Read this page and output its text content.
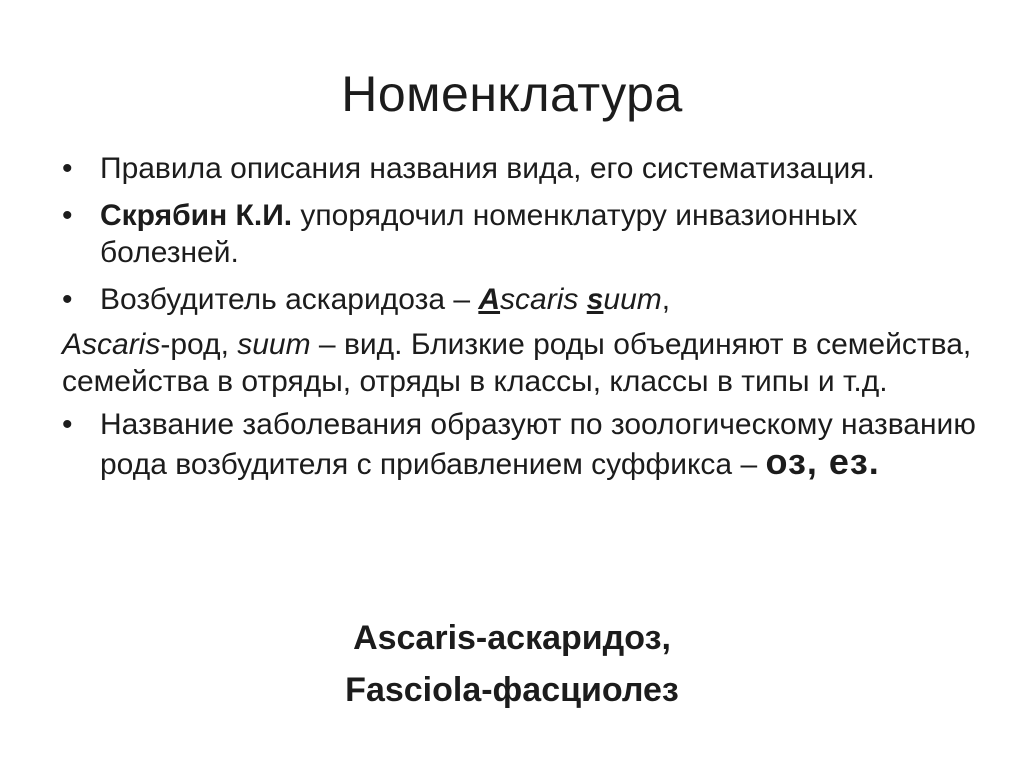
Номенклатура
• Правила описания названия вида, его систематизация.
• Скрябин К.И. упорядочил номенклатуру инвазионных болезней.
• Возбудитель аскаридоза – Ascaris suum,
Ascaris-род, suum – вид. Близкие роды объединяют в семейства, семейства в отряды, отряды в классы, классы в типы и т.д.
• Название заболевания образуют по зоологическому названию рода возбудителя с прибавлением суффикса – оз, ез.
Ascaris-аскаридоз,
Fasciola-фасциолез
